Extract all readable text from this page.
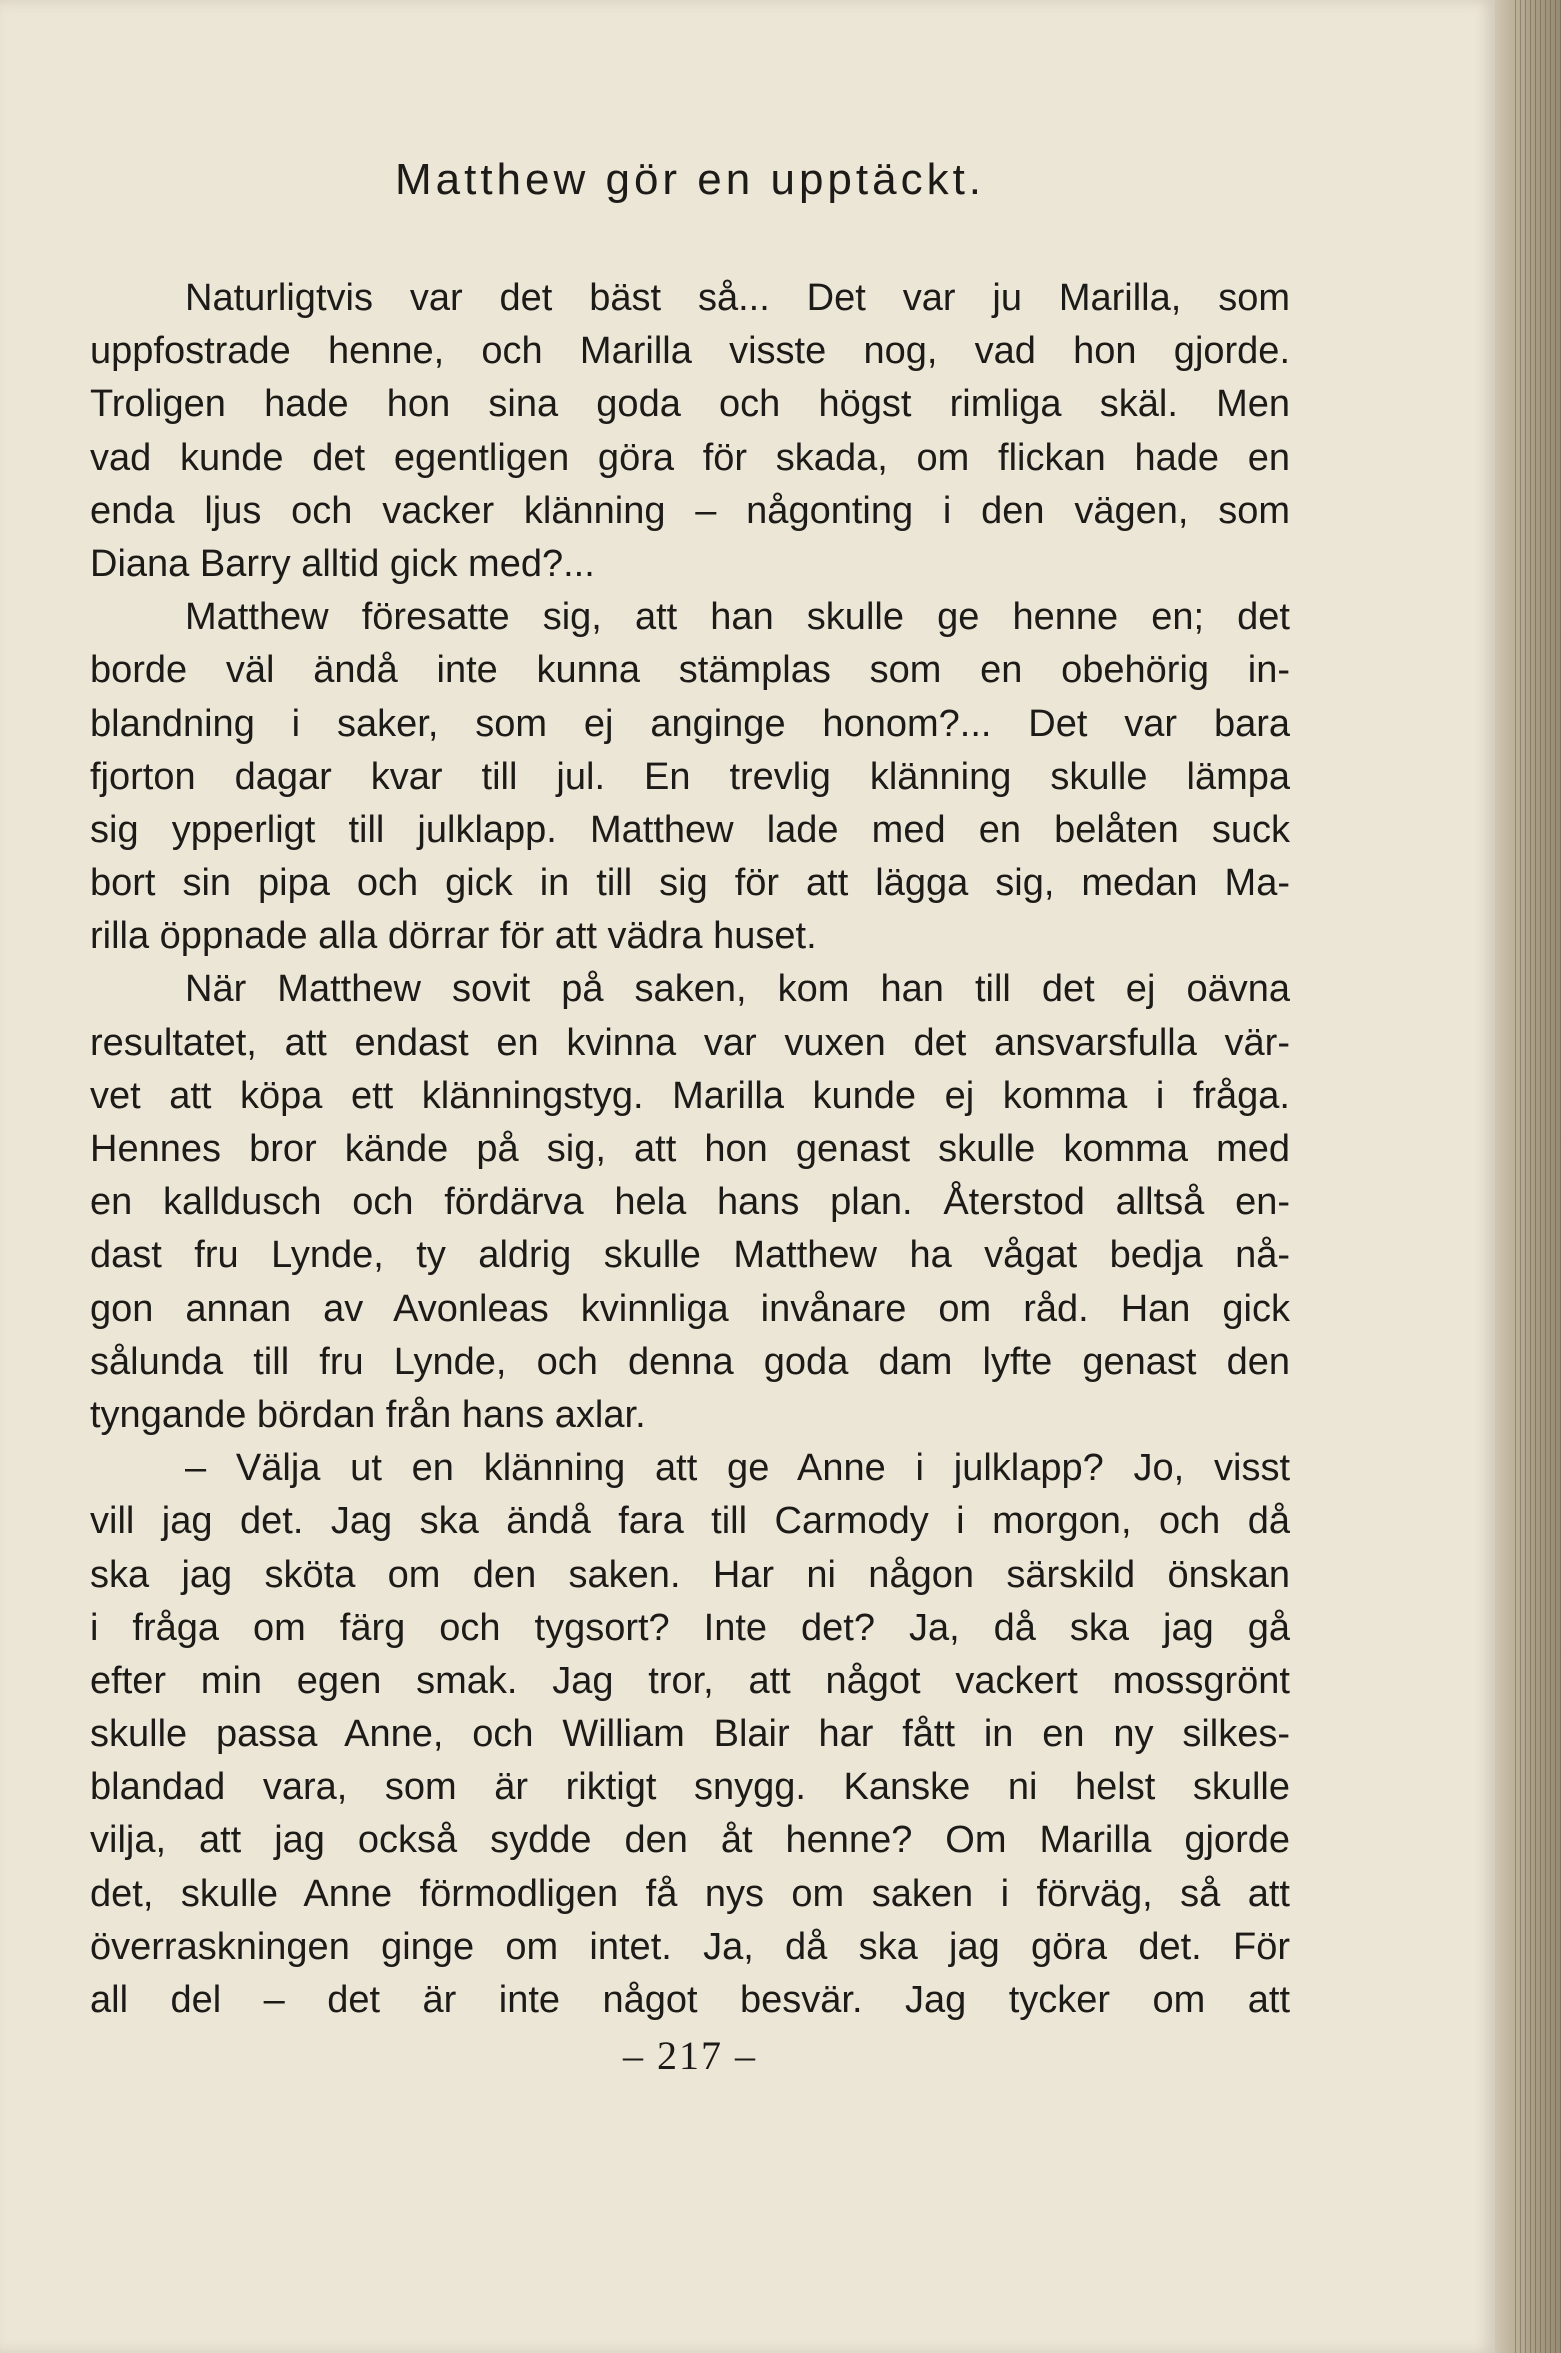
Matthew gör en upptäckt.
Naturligtvis var det bäst så... Det var ju Marilla, som
uppfostrade henne, och Marilla visste nog, vad hon gjorde.
Troligen hade hon sina goda och högst rimliga skäl. Men
vad kunde det egentligen göra för skada, om flickan hade en
enda ljus och vacker klänning – någonting i den vägen, som
Diana Barry alltid gick med?...
Matthew föresatte sig, att han skulle ge henne en; det
borde väl ändå inte kunna stämplas som en obehörig in-
blandning i saker, som ej anginge honom?... Det var bara
fjorton dagar kvar till jul. En trevlig klänning skulle lämpa
sig ypperligt till julklapp. Matthew lade med en belåten suck
bort sin pipa och gick in till sig för att lägga sig, medan Ma-
rilla öppnade alla dörrar för att vädra huset.
När Matthew sovit på saken, kom han till det ej oävna
resultatet, att endast en kvinna var vuxen det ansvarsfulla vär-
vet att köpa ett klänningstyg. Marilla kunde ej komma i fråga.
Hennes bror kände på sig, att hon genast skulle komma med
en kalldusch och fördärva hela hans plan. Återstod alltså en-
dast fru Lynde, ty aldrig skulle Matthew ha vågat bedja nå-
gon annan av Avonleas kvinnliga invånare om råd. Han gick
sålunda till fru Lynde, och denna goda dam lyfte genast den
tyngande bördan från hans axlar.
– Välja ut en klänning att ge Anne i julklapp? Jo, visst
vill jag det. Jag ska ändå fara till Carmody i morgon, och då
ska jag sköta om den saken. Har ni någon särskild önskan
i fråga om färg och tygsort? Inte det? Ja, då ska jag gå
efter min egen smak. Jag tror, att något vackert mossgrönt
skulle passa Anne, och William Blair har fått in en ny silkes-
blandad vara, som är riktigt snygg. Kanske ni helst skulle
vilja, att jag också sydde den åt henne? Om Marilla gjorde
det, skulle Anne förmodligen få nys om saken i förväg, så att
överraskningen ginge om intet. Ja, då ska jag göra det. För
all del – det är inte något besvär. Jag tycker om att
– 217 –
